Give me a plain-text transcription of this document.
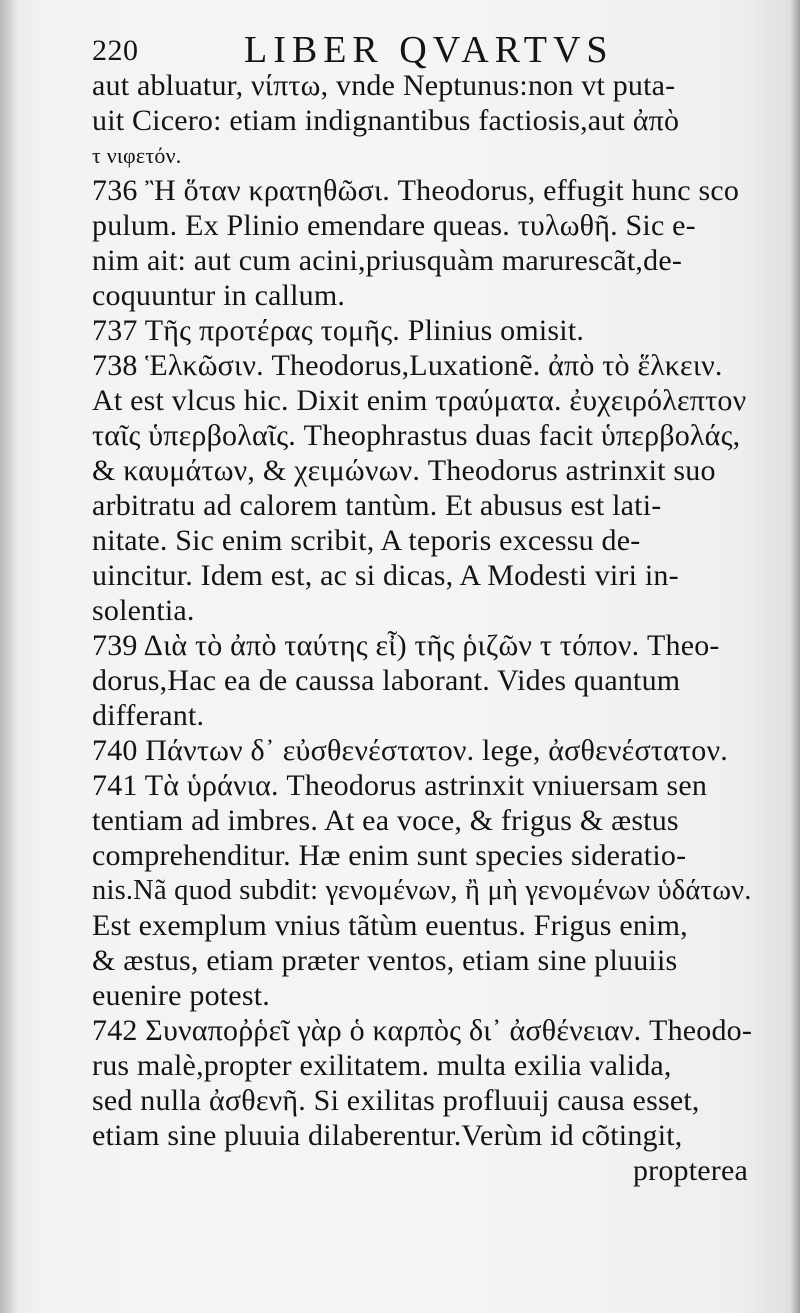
220	LIBER QVARTVS
aut abluatur, νίπτω, vnde Neptunus:non vt puta-
uit Cicero: etiam indignantibus factiosis,aut ἀπὸ
τ νιφετόν.
736 Ἢ ὅταν κρατηθῶσι. Theodorus, effugit hunc sco
pulum. Ex Plinio emendare queas. τυλωθῆ. Sic e-
nim ait: aut cum acini,priusquàm marurescãt,de-
coquuntur in callum.
737 Τῆς προτέρας τομῆς. Plinius omisit.
738 Ἑλκῶσιν. Theodorus,Luxationẽ. ἀπὸ τὸ ἕλκειν.
At est vlcus hic. Dixit enim τραύματα. ἐυχειρόλεπτον
ταῖς ὑπερβολαῖς. Theophrastus duas facit ὑπερβολάς,
& καυμάτων, & χειμώνων. Theodorus astrinxit suo
arbitratu ad calorem tantùm. Et abusus est lati-
nitate. Sic enim scribit, A teporis excessu de-
uincitur. Idem est, ac si dicas, A Modesti viri in-
solentia.
739 Διὰ τὸ ἀπὸ ταύτης εἶ) τῆς ῥιζῶν τ τόπον. Theo-
dorus,Hac ea de caussa laborant. Vides quantum
differant.
740 Πάντων δ᾽ εὐσθενέστατον. lege, ἀσθενέστατον.
741 Τὰ ὑράνια. Theodorus astrinxit vniuersam sen
tentiam ad imbres. At ea voce, & frigus & æstus
comprehenditur. Hæ enim sunt species sideratio-
nis.Nã quod subdit: γενομένων, ἢ μὴ γενομένων ὑδάτων.
Est exemplum vnius tãtùm euentus. Frigus enim,
& æstus, etiam præter ventos, etiam sine pluuiis
euenire potest.
742 Συναποῤῥεῖ γὰρ ὁ καρπὸς δι᾽ ἀσθένειαν. Theodo-
rus malè,propter exilitatem. multa exilia valida,
sed nulla ἀσθενῆ. Si exilitas profluuij causa esset,
etiam sine pluuia dilaberentur.Verùm id cõtingit,
propterea
